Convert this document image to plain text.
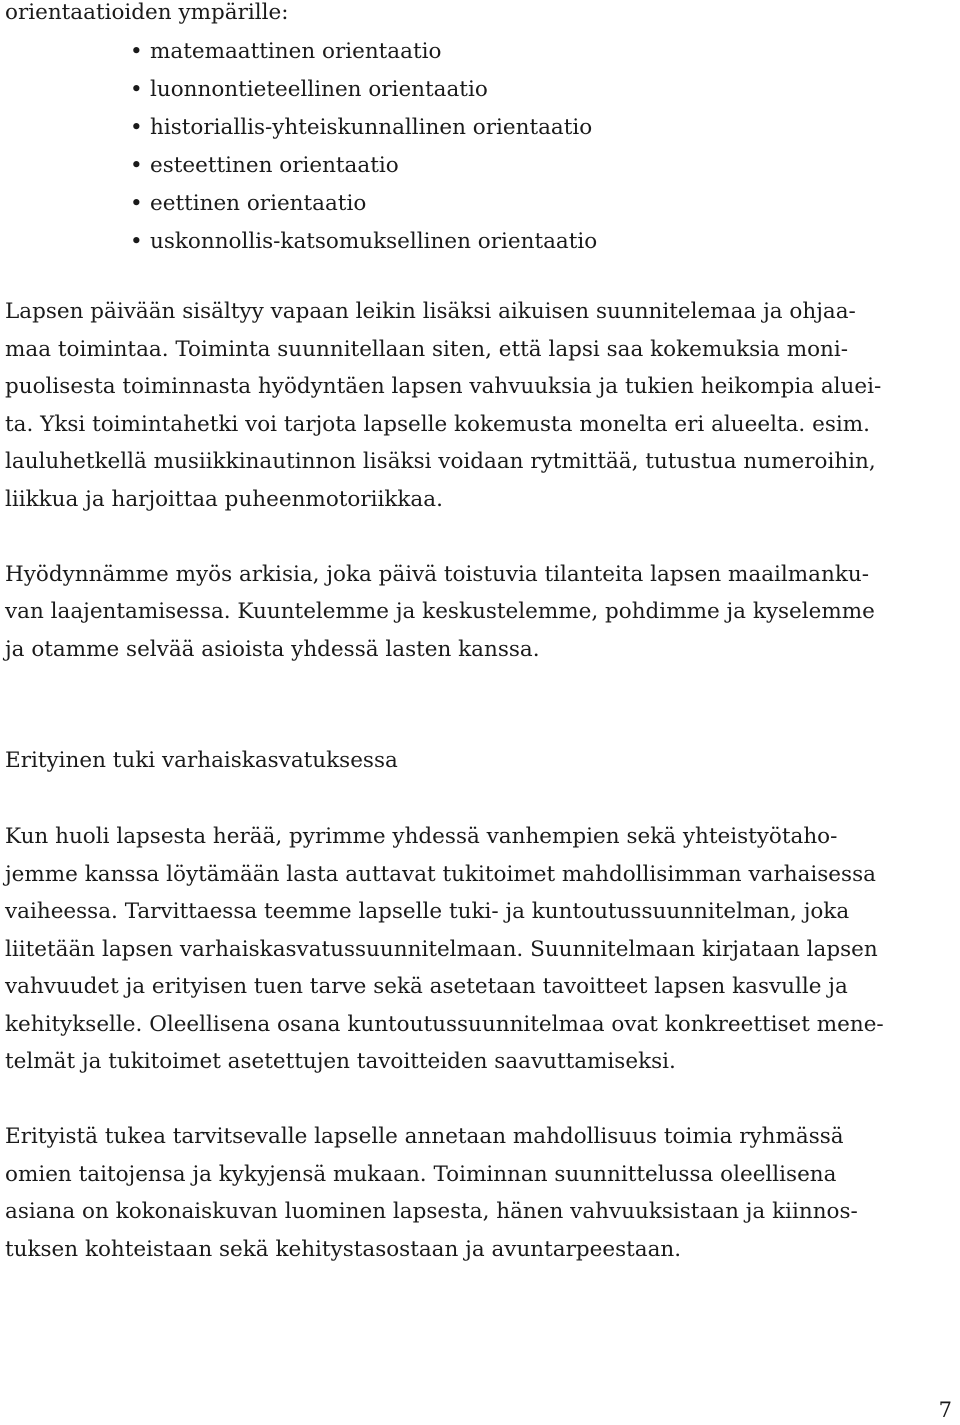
orientaatioiden ympärille:

• matemaattinen orientaatio
• luonnontieteellinen orientaatio
• historiallis-yhteiskunnallinen orientaatio
• esteettinen orientaatio
• eettinen orientaatio
• uskonnollis-katsomuksellinen orientaatio

Lapsen päivään sisältyy vapaan leikin lisäksi aikuisen suunnitelemaa ja ohjaa-

maa toimintaa. Toiminta suunnitellaan siten, että lapsi saa kokemuksia moni-

puolisesta toiminnasta hyödyntäen lapsen vahvuuksia ja tukien heikompia aluei-

ta. Yksi toimintahetki voi tarjota lapselle kokemusta monelta eri alueelta. esim.

lauluhetkellä musiikkinautinnon lisäksi voidaan rytmittää, tutustua numeroihin,

liikkua ja harjoittaa puheenmotoriikkaa.

Hyödynnämme myös arkisia, joka päivä toistuvia tilanteita lapsen maailmanku-

van laajentamisessa. Kuuntelemme ja keskustelemme, pohdimme ja kyselemme

ja otamme selvää asioista yhdessä lasten kanssa.

Erityinen tuki varhaiskasvatuksessa

Kun huoli lapsesta herää, pyrimme yhdessä vanhempien sekä yhteistyötaho-

jemme kanssa löytämään lasta auttavat tukitoimet mahdollisimman varhaisessa

vaiheessa. Tarvittaessa teemme lapselle tuki- ja kuntoutussuunnitelman, joka

liitetään lapsen varhaiskasvatussuunnitelmaan. Suunnitelmaan kirjataan lapsen

vahvuudet ja erityisen tuen tarve sekä asetetaan tavoitteet lapsen kasvulle ja

kehitykselle. Oleellisena osana kuntoutussuunnitelmaa ovat konkreettiset mene-

telmät ja tukitoimet asetettujen tavoitteiden saavuttamiseksi.

Erityistä tukea tarvitsevalle lapselle annetaan mahdollisuus toimia ryhmässä

omien taitojensa ja kykyjensä mukaan. Toiminnan suunnittelussa oleellisena

asiana on kokonaiskuvan luominen lapsesta, hänen vahvuuksistaan ja kiinnos-

tuksen kohteistaan sekä kehitystasostaan ja avuntarpeestaan.

7
